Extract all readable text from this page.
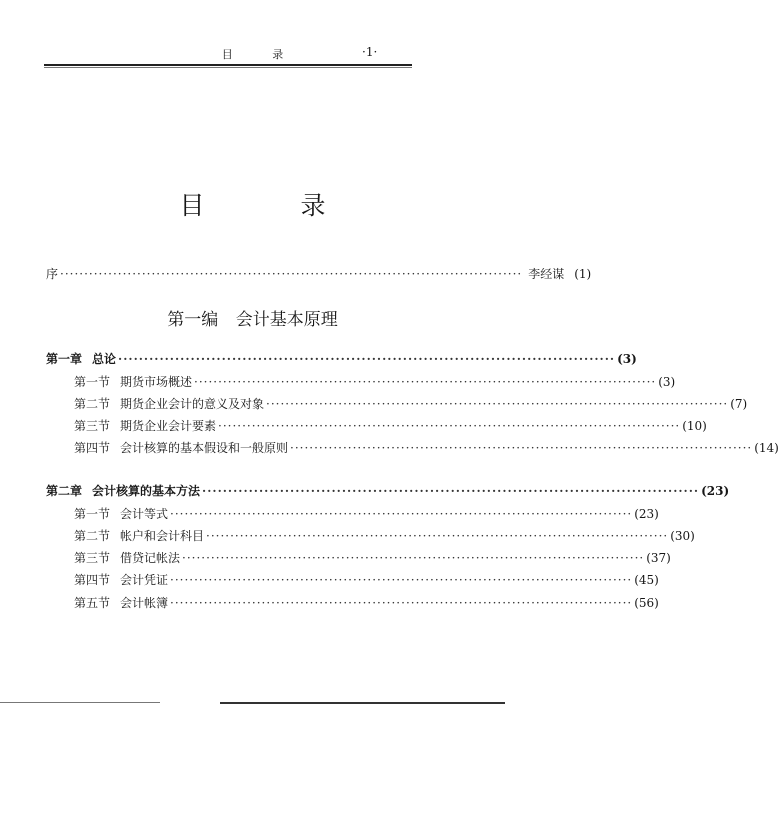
目 录	·1·
目 录
序 ································································································ 李经谋 (1)
第一编 会计基本原理
第一章 总论 ································································································ (3)
第一节 期货市场概述 ································································································ (3)
第二节 期货企业会计的意义及对象 ································································································ (7)
第三节 期货企业会计要素 ································································································ (10)
第四节 会计核算的基本假设和一般原则 ································································································ (14)
第二章 会计核算的基本方法 ································································································ (23)
第一节 会计等式 ································································································ (23)
第二节 帐户和会计科目 ································································································ (30)
第三节 借贷记帐法 ································································································ (37)
第四节 会计凭证 ································································································ (45)
第五节 会计帐簿 ································································································ (56)
